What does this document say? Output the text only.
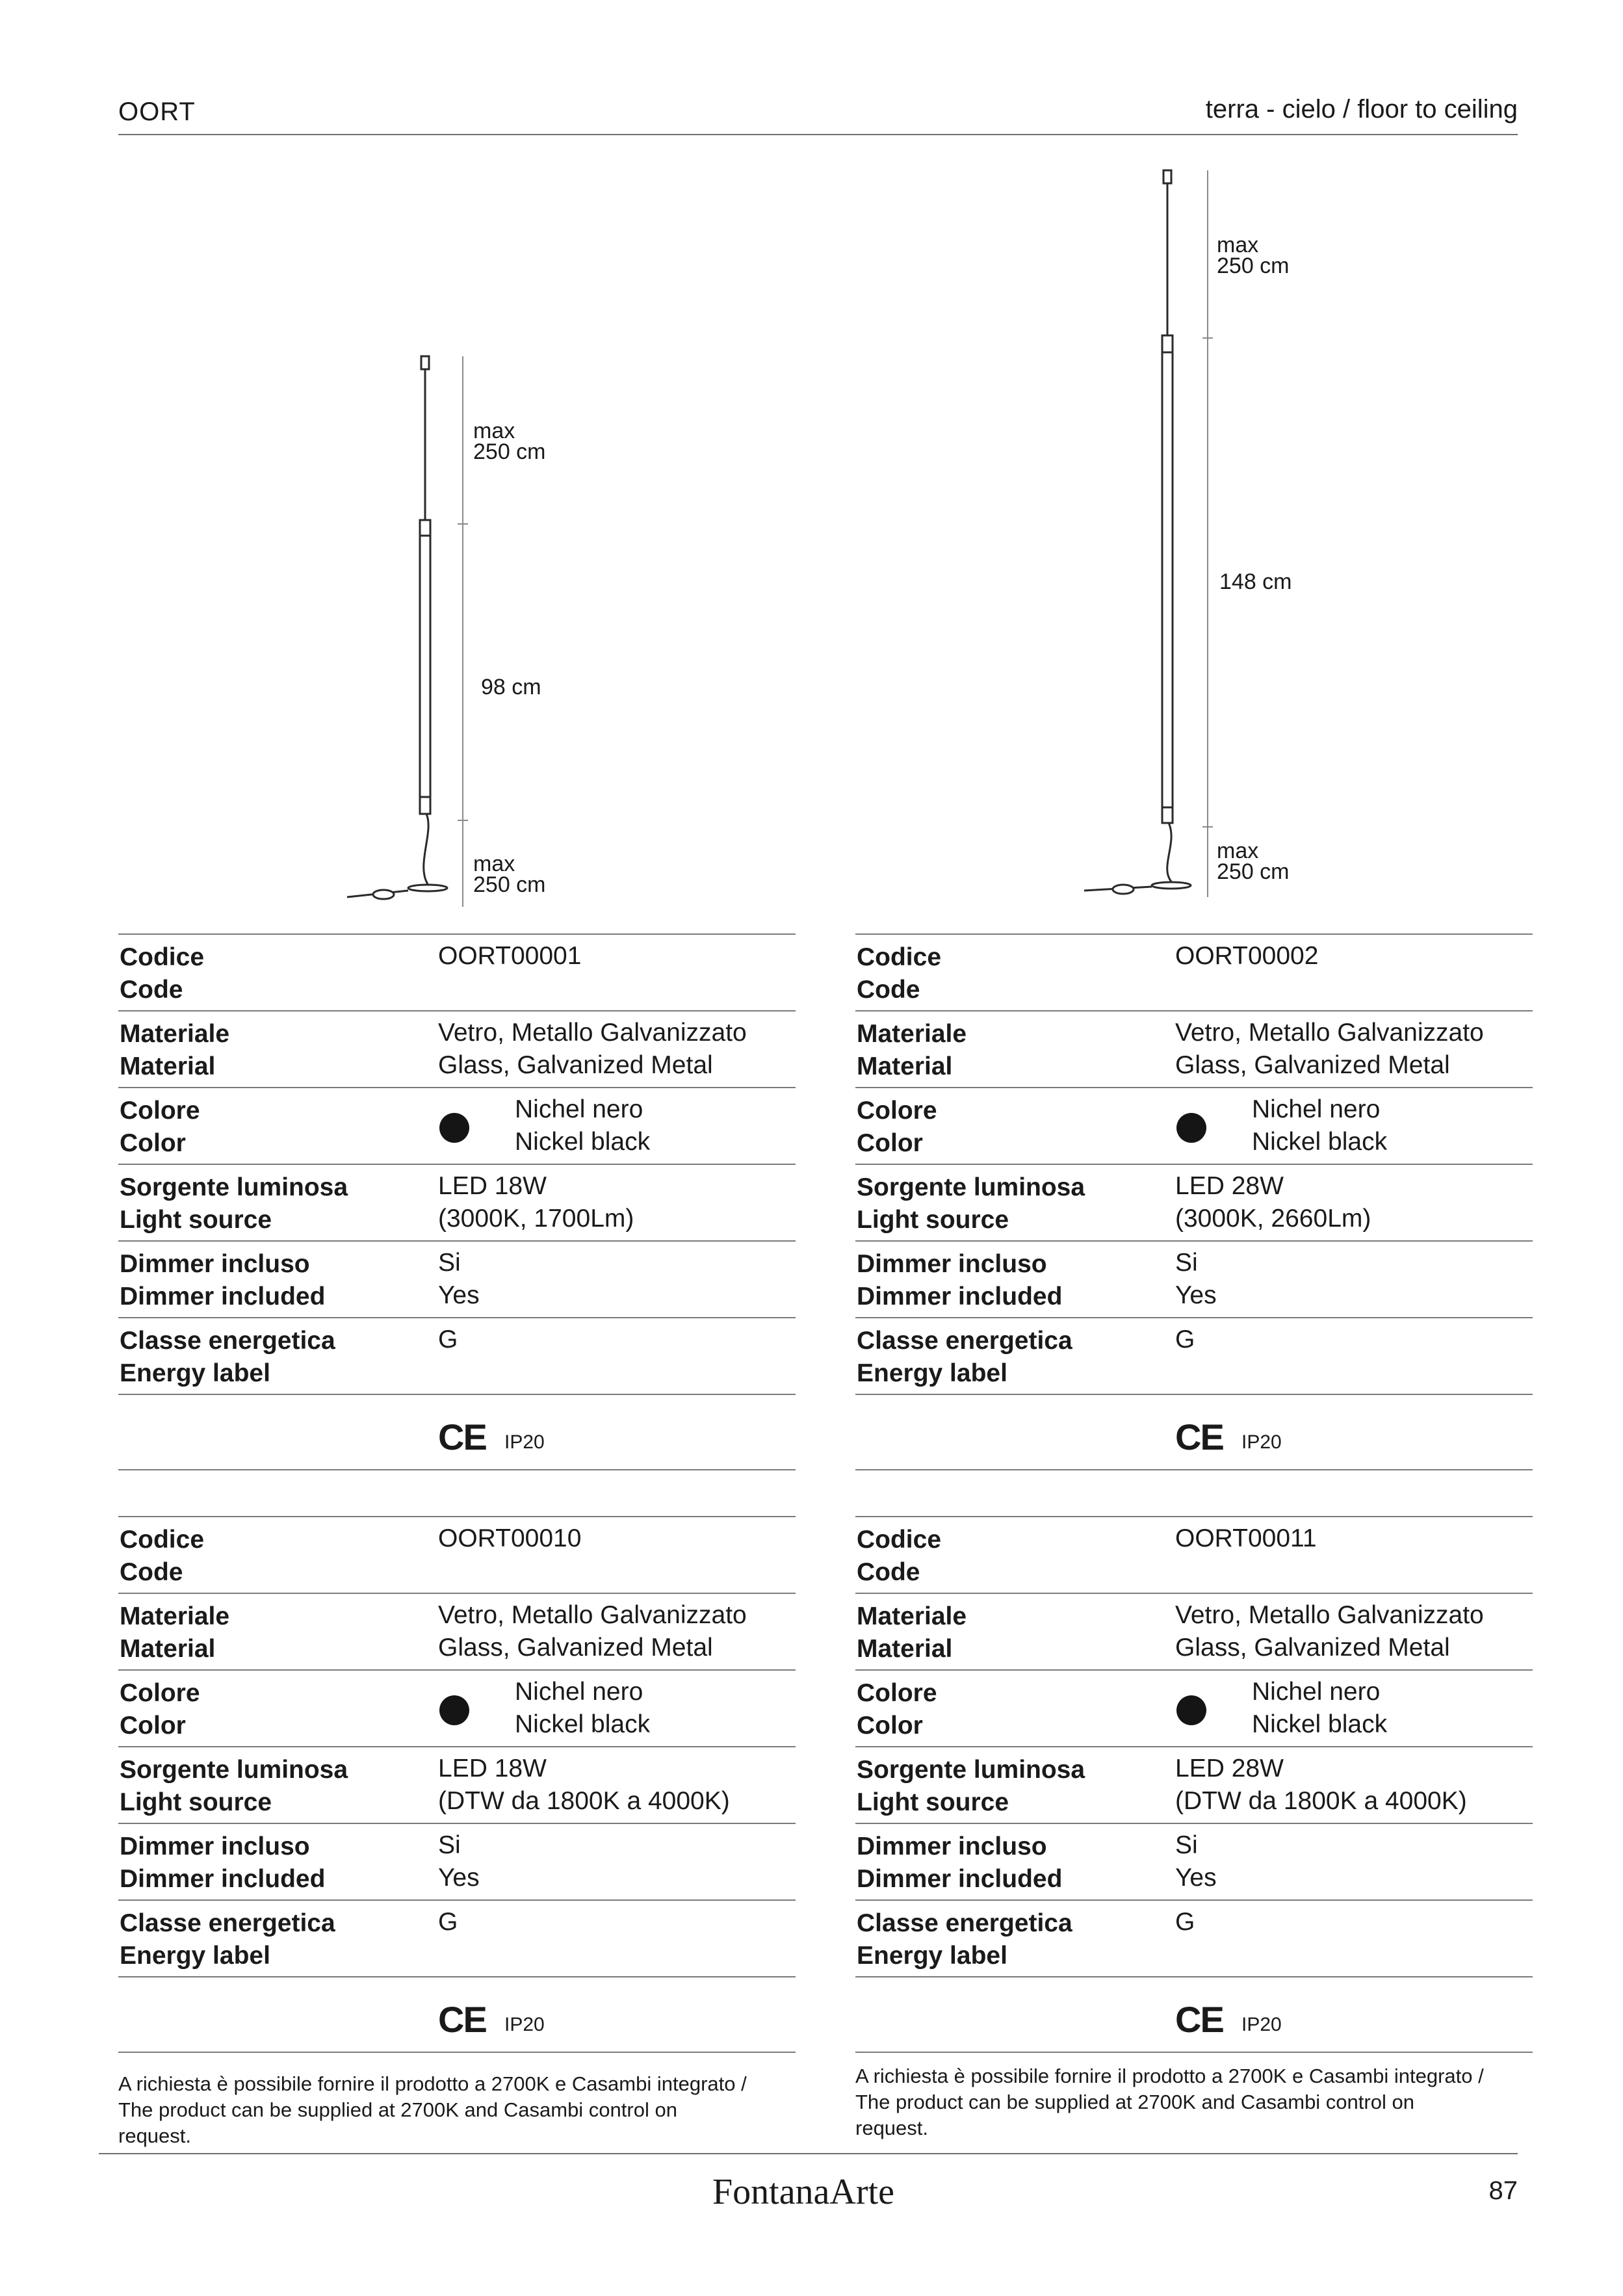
OORT	terra - cielo / floor to ceiling
max
250 cm
98 cm
max
250 cm
max
250 cm
148 cm
max
250 cm
Codice
Code
OORT00001
Materiale
Material
Vetro, Metallo Galvanizzato
Glass, Galvanized Metal
Colore
Color
Nichel nero
Nickel black
Sorgente luminosa
Light source
LED 18W
(3000K, 1700Lm)
Dimmer incluso
Dimmer included
Si
Yes
Classe energetica
Energy label
G
CE IP20
Codice
Code
OORT00002
Materiale
Material
Vetro, Metallo Galvanizzato
Glass, Galvanized Metal
Colore
Color
Nichel nero
Nickel black
Sorgente luminosa
Light source
LED 28W
(3000K, 2660Lm)
Dimmer incluso
Dimmer included
Si
Yes
Classe energetica
Energy label
G
CE IP20
Codice
Code
OORT00010
Materiale
Material
Vetro, Metallo Galvanizzato
Glass, Galvanized Metal
Colore
Color
Nichel nero
Nickel black
Sorgente luminosa
Light source
LED 18W
(DTW da 1800K a 4000K)
Dimmer incluso
Dimmer included
Si
Yes
Classe energetica
Energy label
G
CE IP20
Codice
Code
OORT00011
Materiale
Material
Vetro, Metallo Galvanizzato
Glass, Galvanized Metal
Colore
Color
Nichel nero
Nickel black
Sorgente luminosa
Light source
LED 28W
(DTW da 1800K a 4000K)
Dimmer incluso
Dimmer included
Si
Yes
Classe energetica
Energy label
G
CE IP20
A richiesta è possibile fornire il prodotto a 2700K e Casambi integrato /
The product can be supplied at 2700K and Casambi control on
request.
A richiesta è possibile fornire il prodotto a 2700K e Casambi integrato /
The product can be supplied at 2700K and Casambi control on
request.
FontanaArte	87
